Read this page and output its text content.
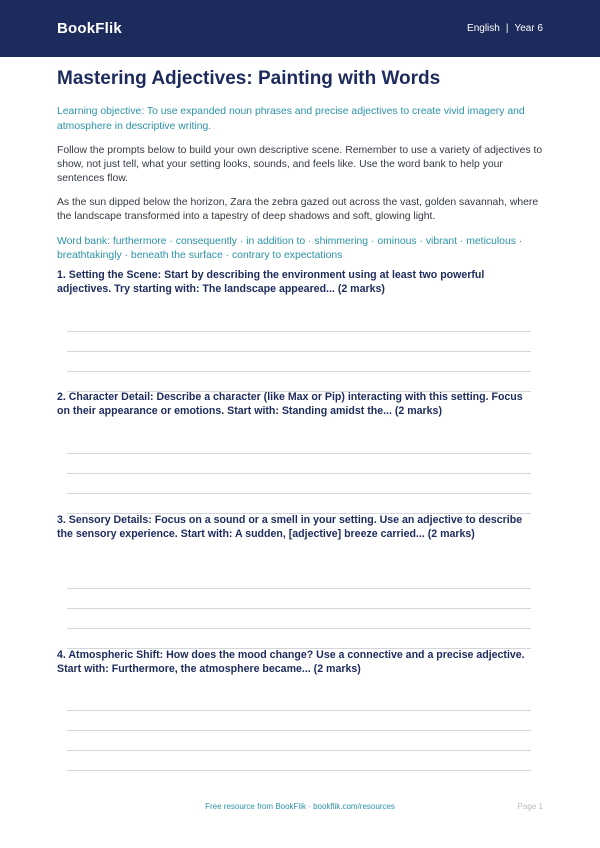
BookFlik	English | Year 6
Mastering Adjectives: Painting with Words

Learning objective: To use expanded noun phrases and precise adjectives to create vivid imagery and atmosphere in descriptive writing.

Follow the prompts below to build your own descriptive scene. Remember to use a variety of adjectives to show, not just tell, what your setting looks, sounds, and feels like. Use the word bank to help your sentences flow.

As the sun dipped below the horizon, Zara the zebra gazed out across the vast, golden savannah, where the landscape transformed into a tapestry of deep shadows and soft, glowing light.

Word bank: furthermore · consequently · in addition to · shimmering · ominous · vibrant · meticulous · breathtakingly · beneath the surface · contrary to expectations

1. Setting the Scene: Start by describing the environment using at least two powerful adjectives. Try starting with: The landscape appeared... (2 marks)

2. Character Detail: Describe a character (like Max or Pip) interacting with this setting. Focus on their appearance or emotions. Start with: Standing amidst the... (2 marks)

3. Sensory Details: Focus on a sound or a smell in your setting. Use an adjective to describe the sensory experience. Start with: A sudden, [adjective] breeze carried... (2 marks)

4. Atmospheric Shift: How does the mood change? Use a connective and a precise adjective. Start with: Furthermore, the atmosphere became... (2 marks)

Free resource from BookFlik · bookflik.com/resources	Page 1
